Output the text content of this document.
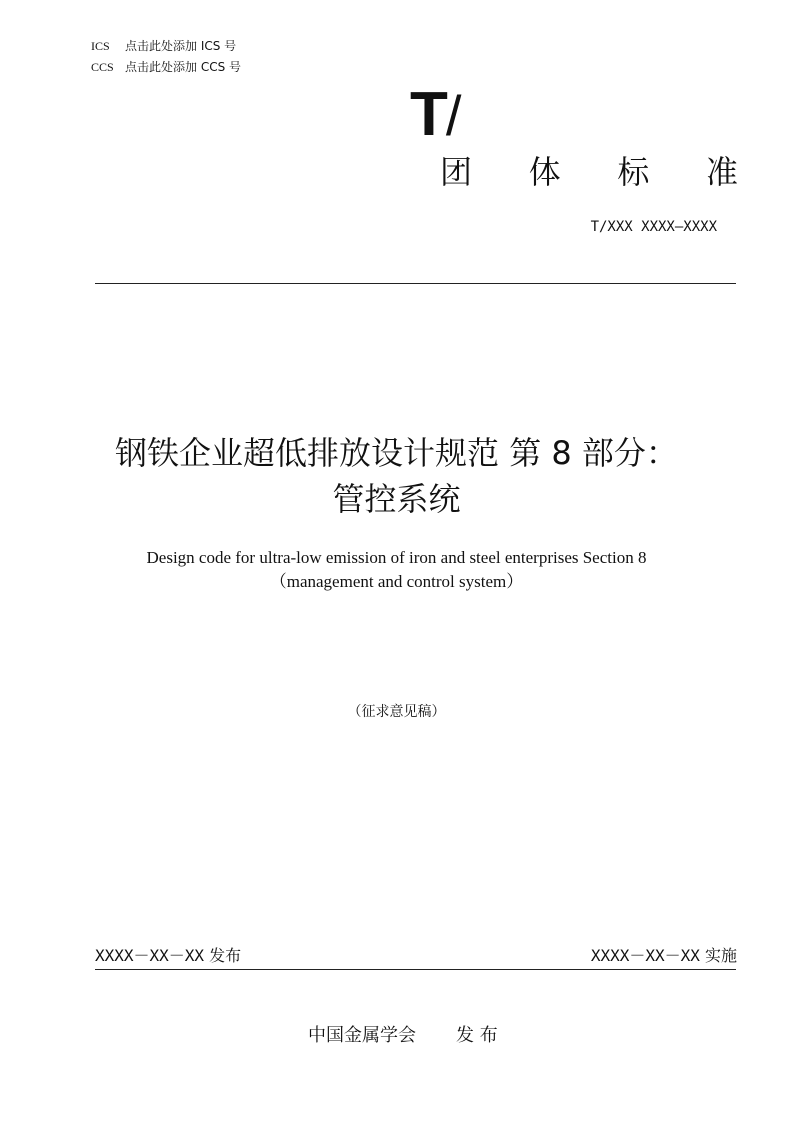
ICS 点击此处添加 ICS 号
CCS 点击此处添加 CCS 号
T/
团 体 标 准
T/XXX XXXX—XXXX
钢铁企业超低排放设计规范 第 8 部分：
管控系统
Design code for ultra-low emission of iron and steel enterprises Section 8
（management and control system）
（征求意见稿）
XXXX－XX－XX 发布	XXXX－XX－XX 实施
中国金属学会 发 布
